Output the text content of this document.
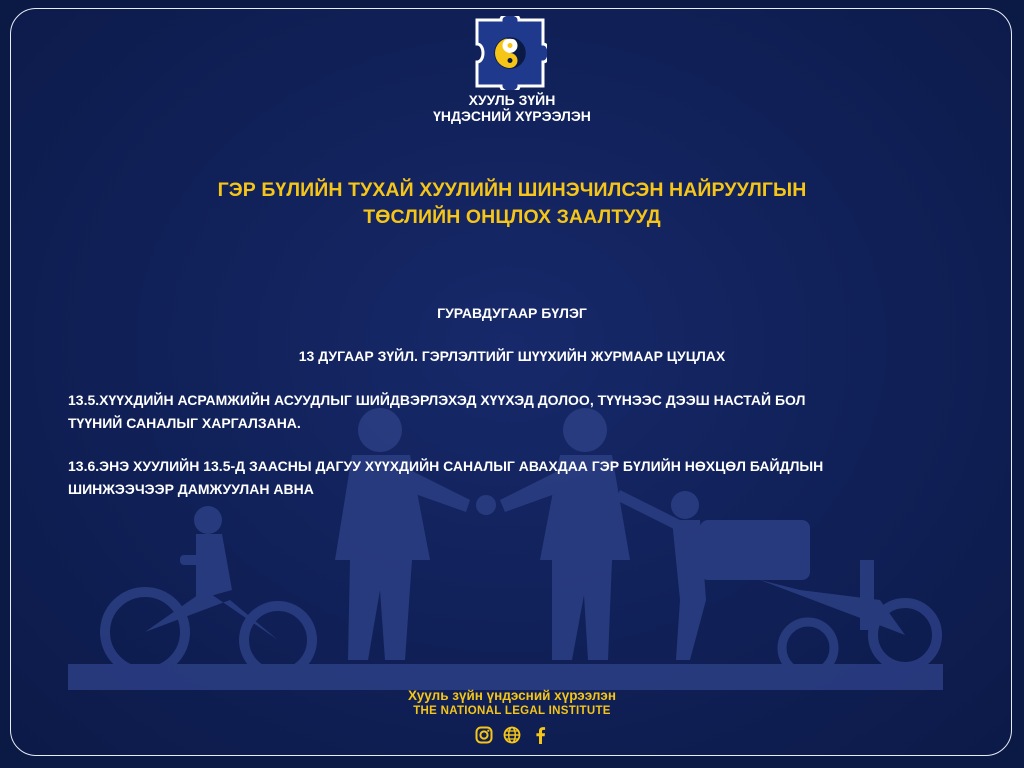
ХУУЛЬ ЗҮЙН
ҮНДЭСНИЙ ХҮРЭЭЛЭН
ГЭР БҮЛИЙН ТУХАЙ ХУУЛИЙН ШИНЭЧИЛСЭН НАЙРУУЛГЫН
ТӨСЛИЙН ОНЦЛОХ ЗААЛТУУД
ГУРАВДУГААР БҮЛЭГ
13 ДУГААР ЗҮЙЛ. ГЭРЛЭЛТИЙГ ШҮҮХИЙН ЖУРМААР ЦУЦЛАХ
13.5.ХҮҮХДИЙН АСРАМЖИЙН АСУУДЛЫГ ШИЙДВЭРЛЭХЭД ХҮҮХЭД ДОЛОО, ТҮҮНЭЭС ДЭЭШ НАСТАЙ БОЛ
ТҮҮНИЙ САНАЛЫГ ХАРГАЛЗАНА.
13.6.ЭНЭ ХУУЛИЙН 13.5-Д ЗААСНЫ ДАГУУ ХҮҮХДИЙН САНАЛЫГ АВАХДАА ГЭР БҮЛИЙН НӨХЦӨЛ БАЙДЛЫН
ШИНЖЭЭЧЭЭР ДАМЖУУЛАН АВНА
Хууль зүйн үндэсний хүрээлэн
THE NATIONAL LEGAL INSTITUTE
